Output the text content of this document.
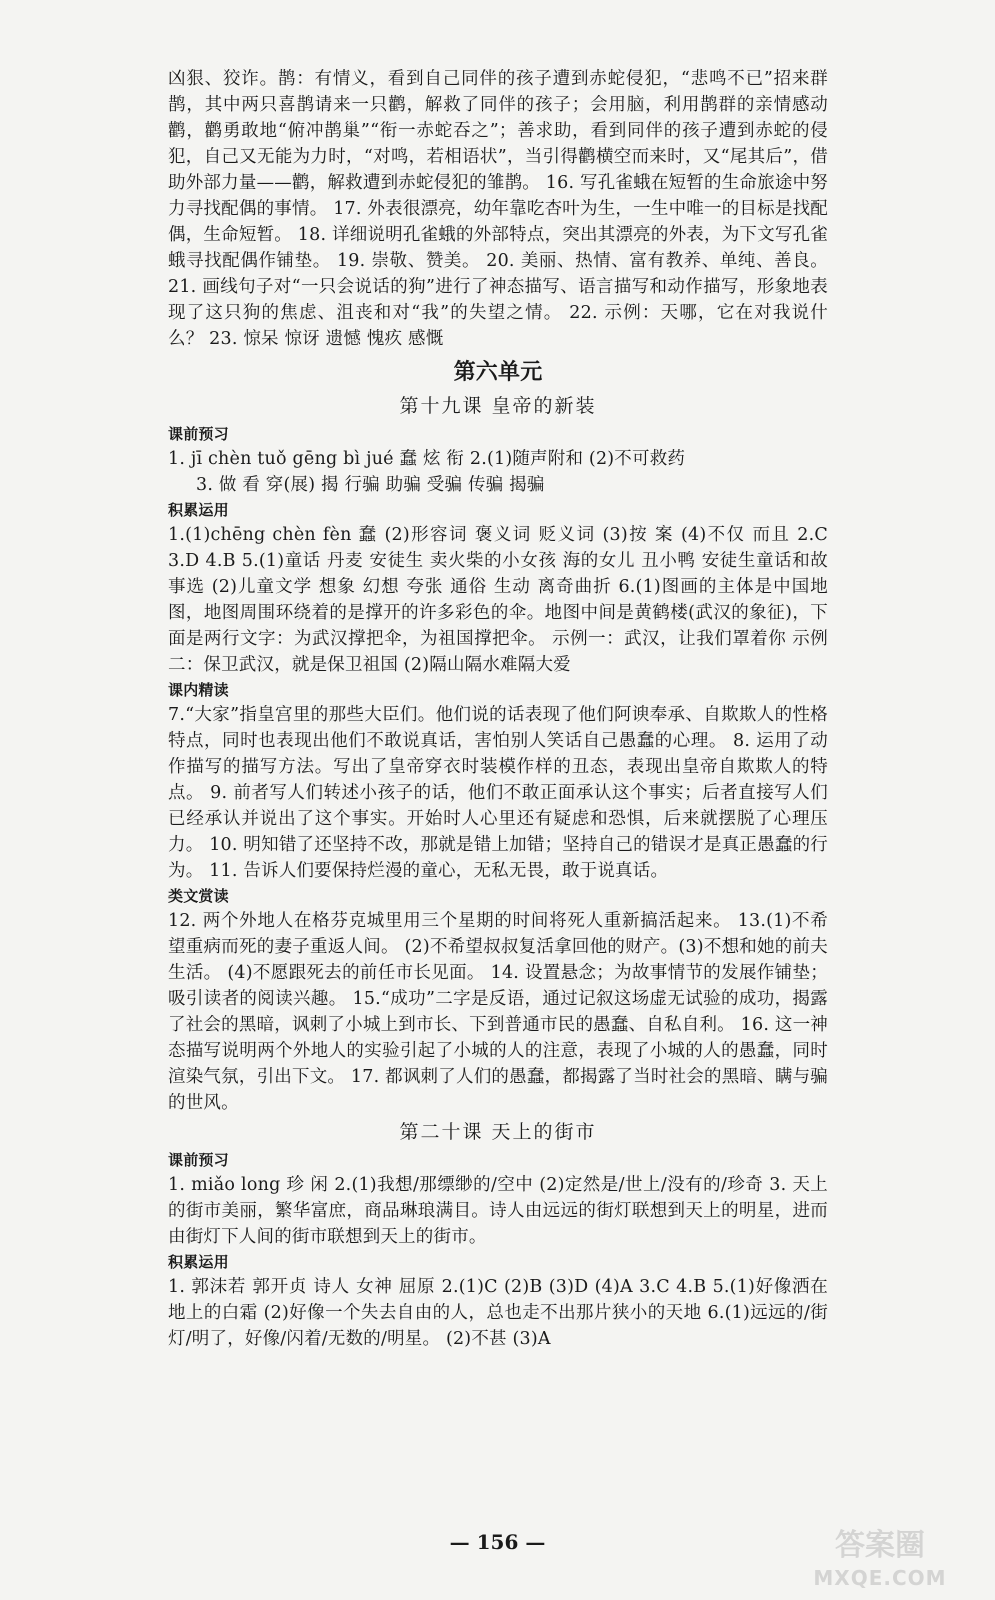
凶狠、狡诈。鹊：有情义，看到自己同伴的孩子遭到赤蛇侵犯，“悲鸣不已”招来群鹊，其中两只喜鹊请来一只鹳，解救了同伴的孩子；会用脑，利用鹊群的亲情感动鹳，鹳勇敢地“俯冲鹊巢”“衔一赤蛇吞之”；善求助，看到同伴的孩子遭到赤蛇的侵犯，自己又无能为力时，“对鸣，若相语状”，当引得鹳横空而来时，又“尾其后”，借助外部力量——鹳，解救遭到赤蛇侵犯的雏鹊。 16. 写孔雀蛾在短暂的生命旅途中努力寻找配偶的事情。 17. 外表很漂亮，幼年靠吃杏叶为生，一生中唯一的目标是找配偶，生命短暂。 18. 详细说明孔雀蛾的外部特点，突出其漂亮的外表，为下文写孔雀蛾寻找配偶作铺垫。 19. 崇敬、赞美。 20. 美丽、热情、富有教养、单纯、善良。 21. 画线句子对“一只会说话的狗”进行了神态描写、语言描写和动作描写，形象地表现了这只狗的焦虑、沮丧和对“我”的失望之情。 22. 示例：天哪，它在对我说什么？ 23. 惊呆 惊讶 遗憾 愧疚 感慨

第六单元
第十九课 皇帝的新装
课前预习

1. jī chèn tuǒ gēng bì jué 蠢 炫 衔 2.(1)随声附和 (2)不可救药

3. 做 看 穿(展) 揭 行骗 助骗 受骗 传骗 揭骗

积累运用

1.(1)chēng chèn fèn 蠢 (2)形容词 褒义词 贬义词 (3)按 案 (4)不仅 而且 2.C 3.D 4.B 5.(1)童话 丹麦 安徒生 卖火柴的小女孩 海的女儿 丑小鸭 安徒生童话和故事选 (2)儿童文学 想象 幻想 夸张 通俗 生动 离奇曲折 6.(1)图画的主体是中国地图，地图周围环绕着的是撑开的许多彩色的伞。地图中间是黄鹤楼(武汉的象征)，下面是两行文字：为武汉撑把伞，为祖国撑把伞。 示例一：武汉，让我们罩着你 示例二：保卫武汉，就是保卫祖国 (2)隔山隔水难隔大爱

课内精读

7.“大家”指皇宫里的那些大臣们。他们说的话表现了他们阿谀奉承、自欺欺人的性格特点，同时也表现出他们不敢说真话，害怕别人笑话自己愚蠢的心理。 8. 运用了动作描写的描写方法。写出了皇帝穿衣时装模作样的丑态，表现出皇帝自欺欺人的特点。 9. 前者写人们转述小孩子的话，他们不敢正面承认这个事实；后者直接写人们已经承认并说出了这个事实。开始时人心里还有疑虑和恐惧，后来就摆脱了心理压力。 10. 明知错了还坚持不改，那就是错上加错；坚持自己的错误才是真正愚蠢的行为。 11. 告诉人们要保持烂漫的童心，无私无畏，敢于说真话。

类文赏读

12. 两个外地人在格芬克城里用三个星期的时间将死人重新搞活起来。 13.(1)不希望重病而死的妻子重返人间。 (2)不希望叔叔复活拿回他的财产。(3)不想和她的前夫生活。 (4)不愿跟死去的前任市长见面。 14. 设置悬念；为故事情节的发展作铺垫；吸引读者的阅读兴趣。 15.“成功”二字是反语，通过记叙这场虚无试验的成功，揭露了社会的黑暗，讽刺了小城上到市长、下到普通市民的愚蠢、自私自利。 16. 这一神态描写说明两个外地人的实验引起了小城的人的注意，表现了小城的人的愚蠢，同时渲染气氛，引出下文。 17. 都讽刺了人们的愚蠢，都揭露了当时社会的黑暗、瞒与骗的世风。

第二十课 天上的街市
课前预习

1. miǎo long 珍 闲 2.(1)我想/那缥缈的/空中 (2)定然是/世上/没有的/珍奇 3. 天上的街市美丽，繁华富庶，商品琳琅满目。诗人由远远的街灯联想到天上的明星，进而由街灯下人间的街市联想到天上的街市。

积累运用

1. 郭沫若 郭开贞 诗人 女神 屈原 2.(1)C (2)B (3)D (4)A 3.C 4.B 5.(1)好像洒在地上的白霜 (2)好像一个失去自由的人，总也走不出那片狭小的天地 6.(1)远远的/街灯/明了，好像/闪着/无数的/明星。 (2)不甚 (3)A

— 156 —	答案圈
MXQE.COM
